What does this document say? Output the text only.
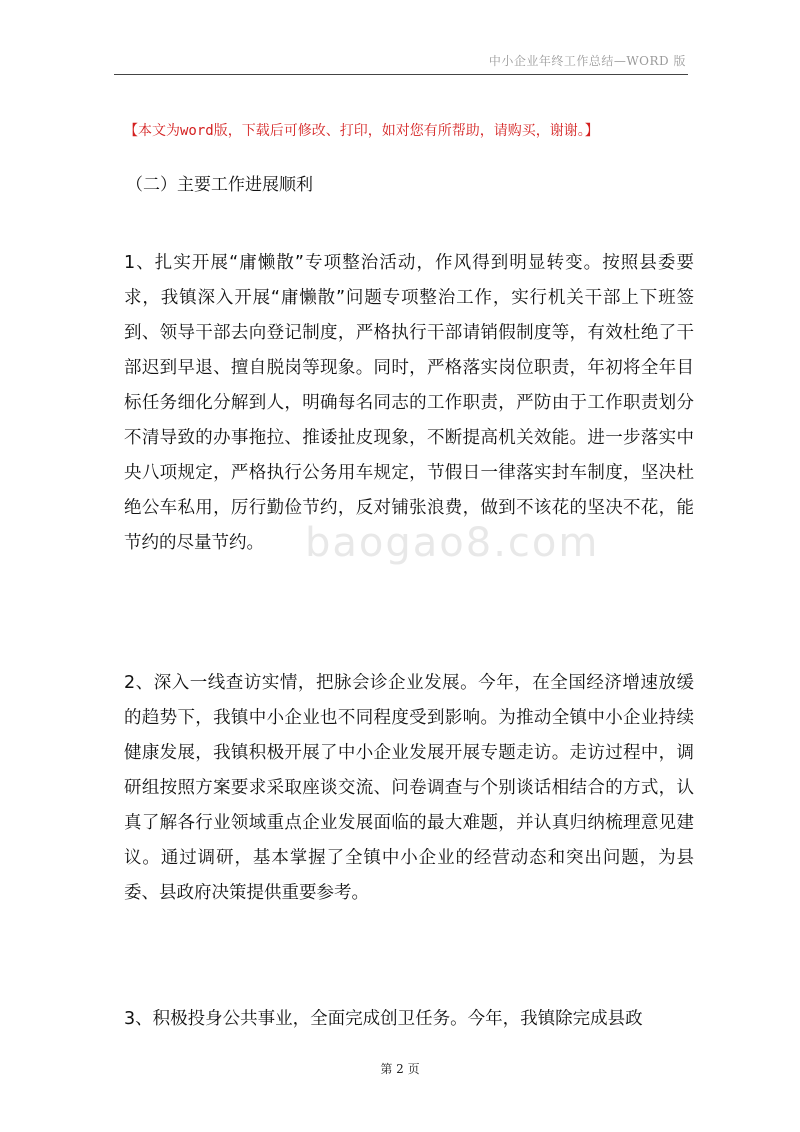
中小企业年终工作总结—WORD 版
【本文为word版，下载后可修改、打印，如对您有所帮助，请购买，谢谢。】
（二）主要工作进展顺利

1、扎实开展“庸懒散”专项整治活动，作风得到明显转变。按照县委要求，我镇深入开展“庸懒散”问题专项整治工作，实行机关干部上下班签到、领导干部去向登记制度，严格执行干部请销假制度等，有效杜绝了干部迟到早退、擅自脱岗等现象。同时，严格落实岗位职责，年初将全年目标任务细化分解到人，明确每名同志的工作职责，严防由于工作职责划分不清导致的办事拖拉、推诿扯皮现象，不断提高机关效能。进一步落实中央八项规定，严格执行公务用车规定，节假日一律落实封车制度，坚决杜绝公车私用，厉行勤俭节约，反对铺张浪费，做到不该花的坚决不花，能节约的尽量节约。	baogao8.com

2、深入一线查访实情，把脉会诊企业发展。今年，在全国经济增速放缓的趋势下，我镇中小企业也不同程度受到影响。为推动全镇中小企业持续健康发展，我镇积极开展了中小企业发展开展专题走访。走访过程中，调研组按照方案要求采取座谈交流、问卷调查与个别谈话相结合的方式，认真了解各行业领域重点企业发展面临的最大难题，并认真归纳梳理意见建议。通过调研，基本掌握了全镇中小企业的经营动态和突出问题，为县委、县政府决策提供重要参考。

3、积极投身公共事业，全面完成创卫任务。今年，我镇除完成县政

第 2 页
